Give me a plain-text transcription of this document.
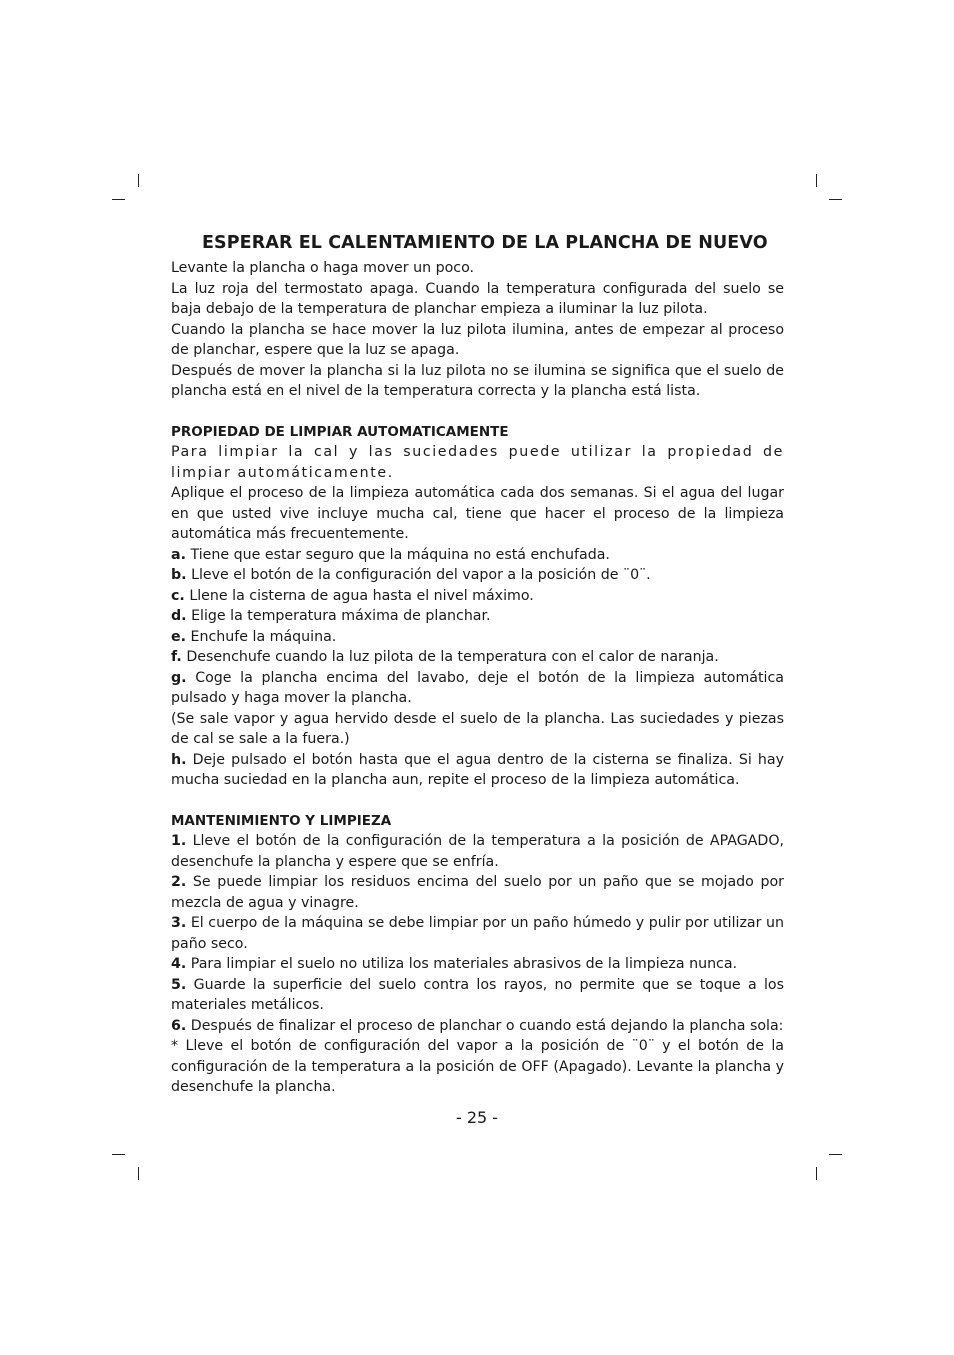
ESPERAR EL CALENTAMIENTO DE LA PLANCHA DE NUEVO

Levante la plancha o haga mover un poco.

La luz roja del termostato apaga. Cuando la temperatura configurada del suelo se baja debajo de la temperatura de planchar empieza a iluminar la luz pilota.

Cuando la plancha se hace mover la luz pilota ilumina, antes de empezar al proceso de planchar, espere que la luz se apaga.

Después de mover la plancha si la luz pilota no se ilumina se significa que el suelo de plancha está en el nivel de la temperatura correcta y la plancha está lista.

PROPIEDAD DE LIMPIAR AUTOMATICAMENTE

Para limpiar la cal y las suciedades puede utilizar la propiedad de limpiar automáticamente.

Aplique el proceso de la limpieza automática cada dos semanas. Si el agua del lugar en que usted vive incluye mucha cal, tiene que hacer el proceso de la limpieza automática más frecuentemente.

a. Tiene que estar seguro que la máquina no está enchufada.

b. Lleve el botón de la configuración del vapor a la posición de ¨0¨.

c. Llene la cisterna de agua hasta el nivel máximo.

d. Elige la temperatura máxima de planchar.

e. Enchufe la máquina.

f. Desenchufe cuando la luz pilota de la temperatura con el calor de naranja.

g. Coge la plancha encima del lavabo, deje el botón de la limpieza automática pulsado y haga mover la plancha.

(Se sale vapor y agua hervido desde el suelo de la plancha. Las suciedades y piezas de cal se sale a la fuera.)

h. Deje pulsado el botón hasta que el agua dentro de la cisterna se finaliza. Si hay mucha suciedad en la plancha aun, repite el proceso de la limpieza automática.

MANTENIMIENTO Y LIMPIEZA

1. Lleve el botón de la configuración de la temperatura a la posición de APAGADO, desenchufe la plancha y espere que se enfría.

2. Se puede limpiar los residuos encima del suelo por un paño que se mojado por mezcla de agua y vinagre.

3. El cuerpo de la máquina se debe limpiar por un paño húmedo y pulir por utilizar un paño seco.

4. Para limpiar el suelo no utiliza los materiales abrasivos de la limpieza nunca.

5. Guarde la superficie del suelo contra los rayos, no permite que se toque a los materiales metálicos.

6. Después de finalizar el proceso de planchar o cuando está dejando la plancha sola:

* Lleve el botón de configuración del vapor a la posición de ¨0¨ y el botón de la configuración de la temperatura a la posición de OFF (Apagado). Levante la plancha y desenchufe la plancha.

- 25 -
